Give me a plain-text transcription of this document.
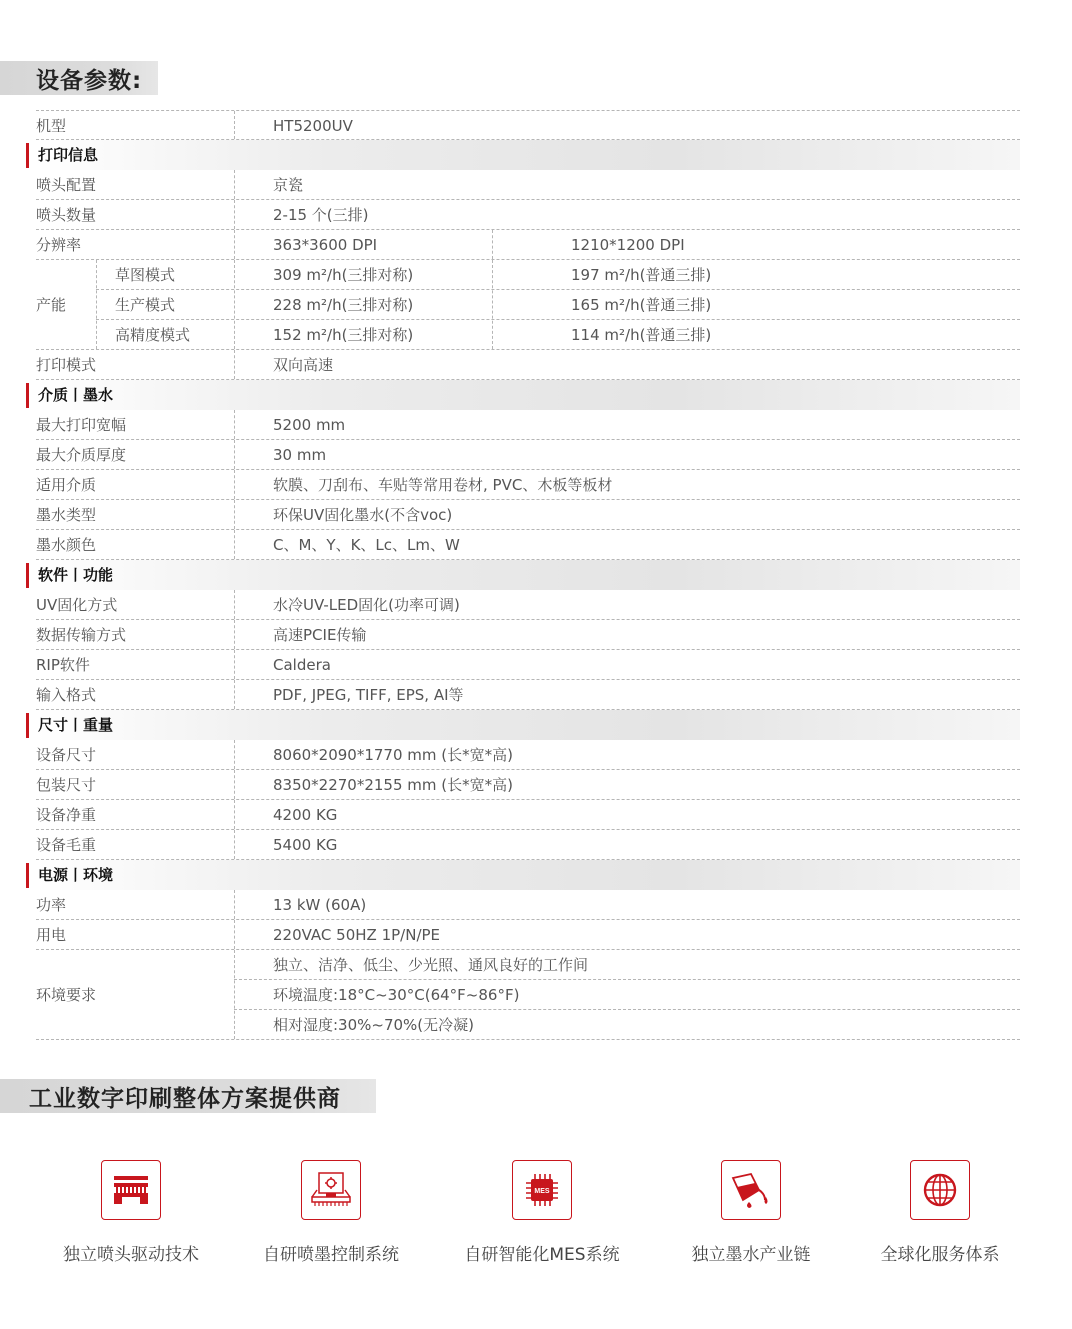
设备参数:
机型	HT5200UV
打印信息
喷头配置	京瓷
喷头数量	2-15 个(三排)
分辨率	363*3600 DPI	1210*1200 DPI
产能
草图模式	309 m²/h(三排对称)	197 m²/h(普通三排)
生产模式	228 m²/h(三排对称)	165 m²/h(普通三排)
高精度模式	152 m²/h(三排对称)	114 m²/h(普通三排)
打印模式	双向高速
介质丨墨水
最大打印宽幅	5200 mm
最大介质厚度	30 mm
适用介质	软膜、刀刮布、车贴等常用卷材, PVC、木板等板材
墨水类型	环保UV固化墨水(不含voc)
墨水颜色	C、M、Y、K、Lc、Lm、W
软件丨功能
UV固化方式	水冷UV-LED固化(功率可调)
数据传输方式	高速PCIE传输
RIP软件	Caldera
输入格式	PDF, JPEG, TIFF, EPS, AI等
尺寸丨重量
设备尺寸	8060*2090*1770 mm (长*宽*高)
包装尺寸	8350*2270*2155 mm (长*宽*高)
设备净重	4200 KG
设备毛重	5400 KG
电源丨环境
功率	13 kW (60A)
用电	220VAC 50HZ 1P/N/PE
环境要求
独立、洁净、低尘、少光照、通风良好的工作间
环境温度:18°C~30°C(64°F~86°F)
相对湿度:30%~70%(无冷凝)
工业数字印刷整体方案提供商
独立喷头驱动技术	自研喷墨控制系统
MES
自研智能化MES系统	独立墨水产业链	全球化服务体系
